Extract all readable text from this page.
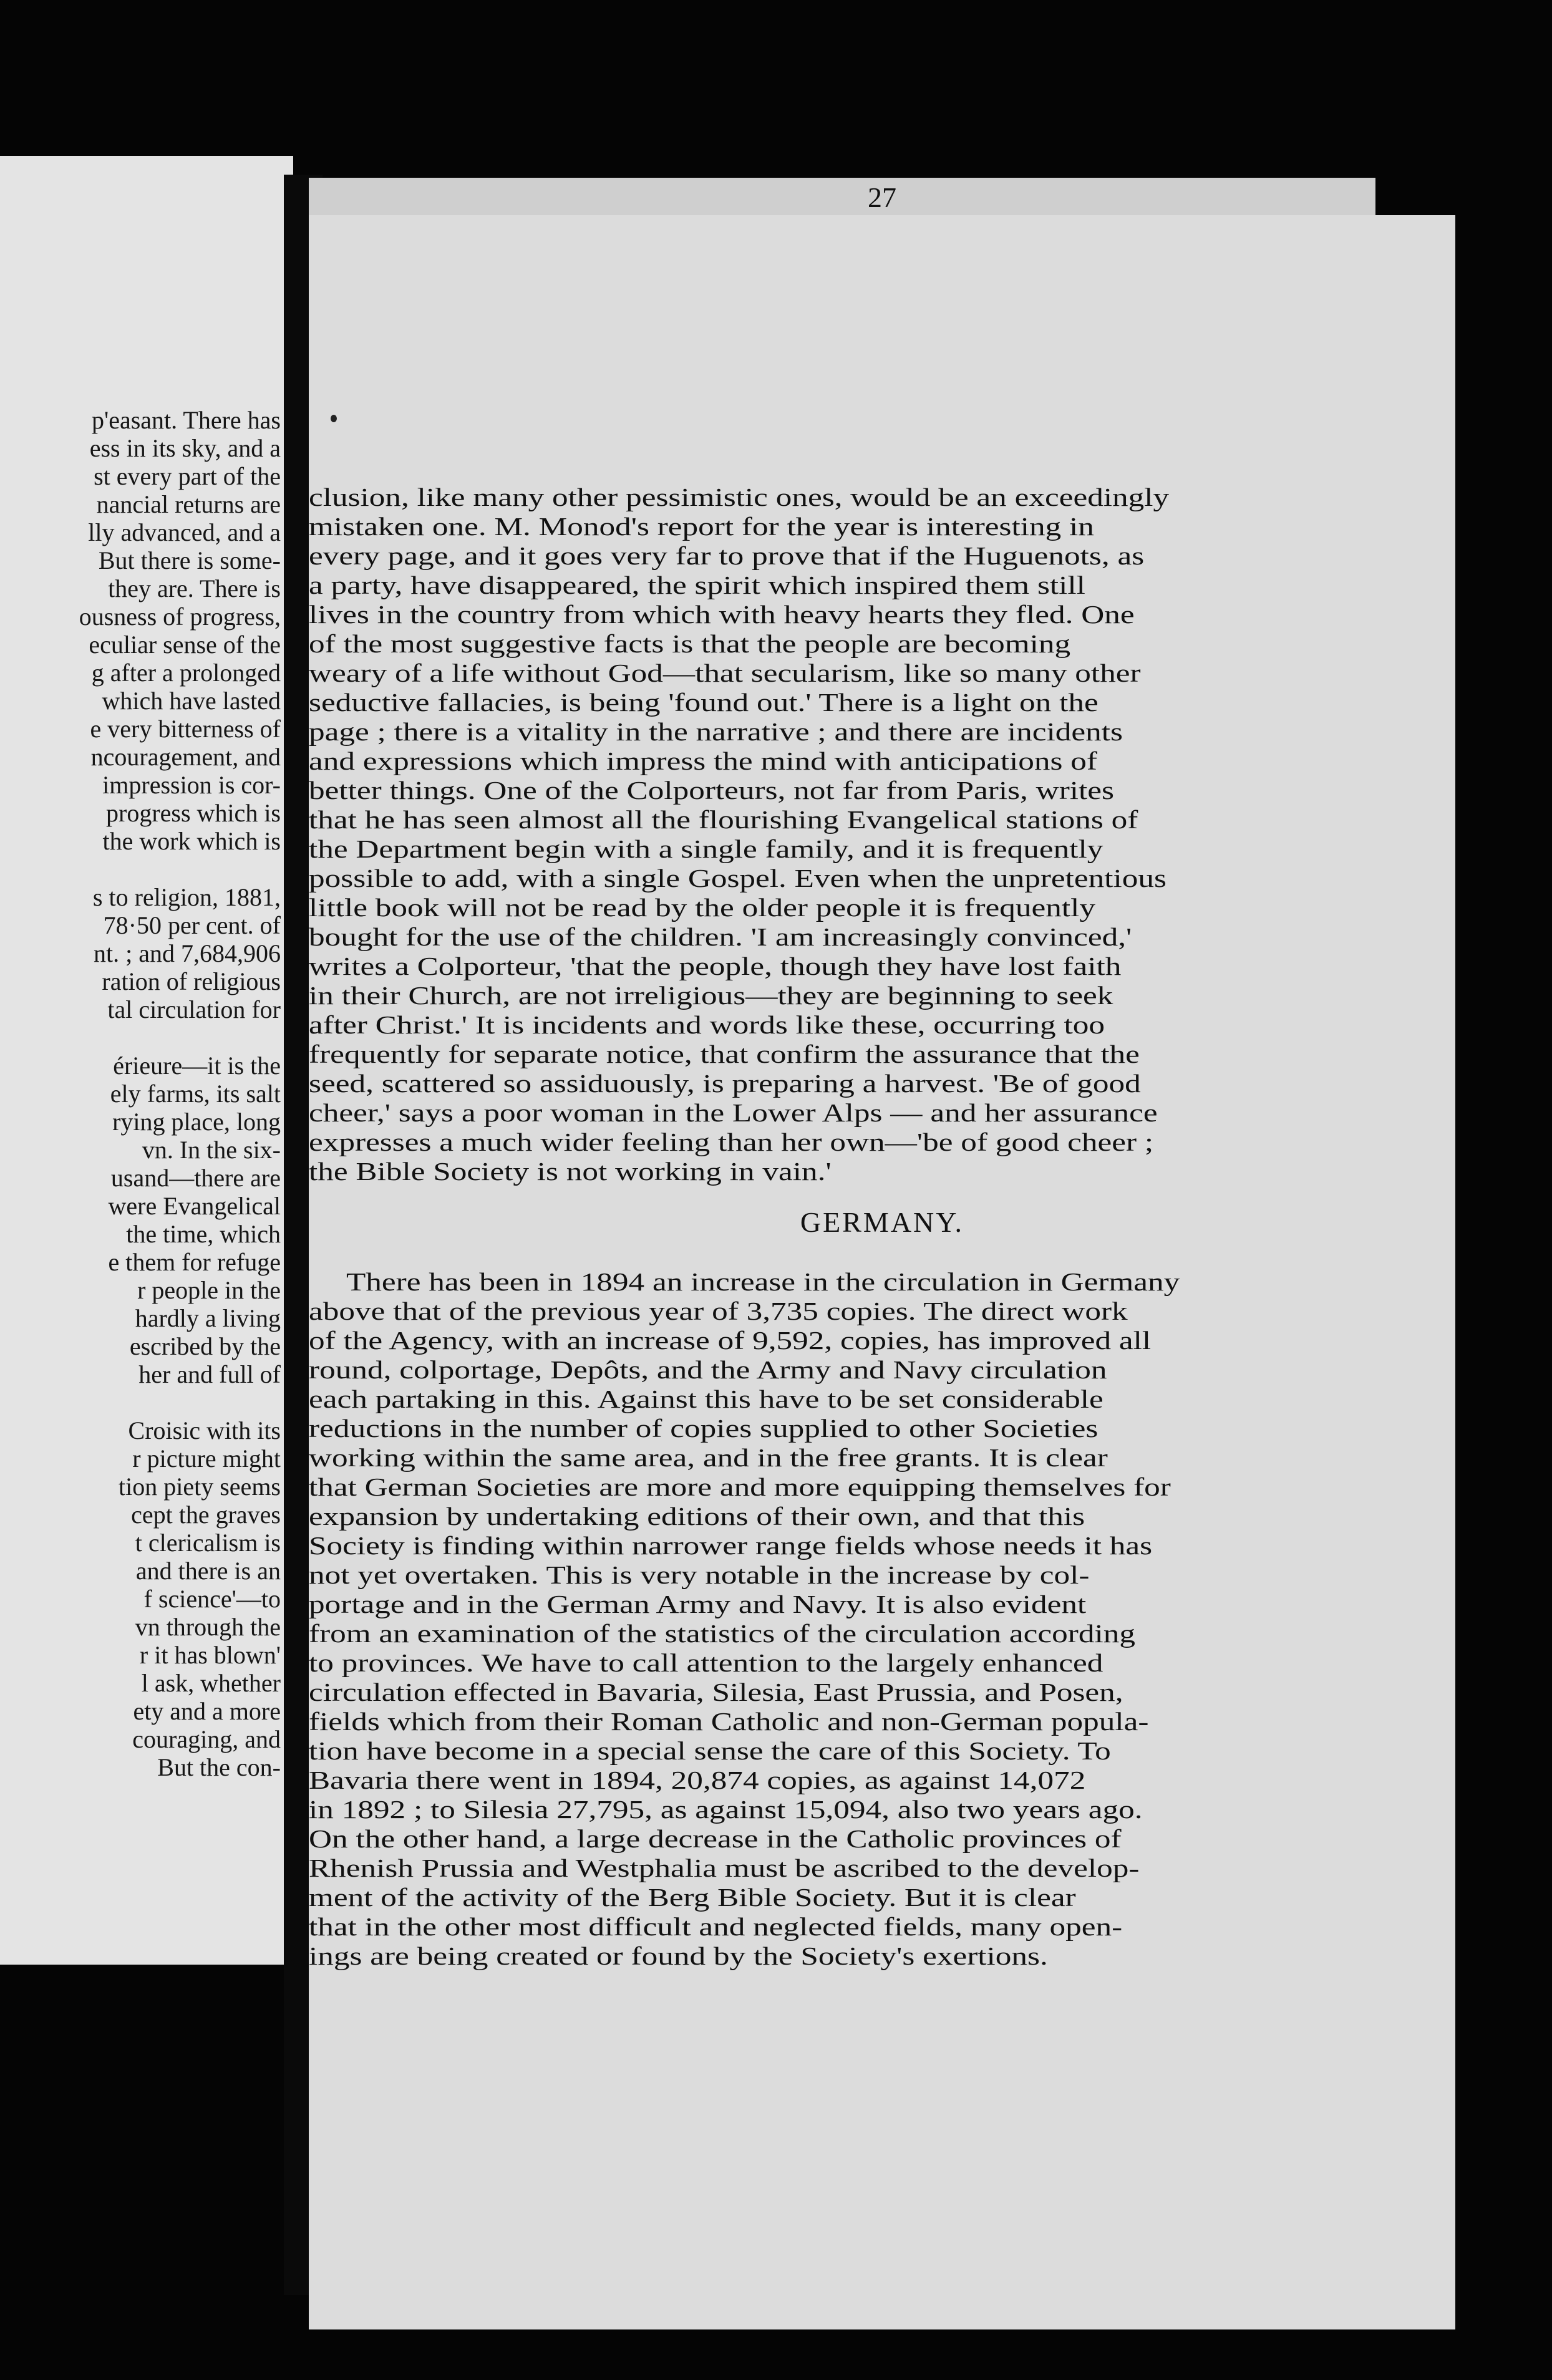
p'easant. There has
ess in its sky, and a
st every part of the
nancial returns are
lly advanced, and a
But there is some-
they are. There is
ousness of progress,
eculiar sense of the
g after a prolonged
which have lasted
e very bitterness of
ncouragement, and
impression is cor-
progress which is
the work which is
s to religion, 1881,
78·50 per cent. of
nt. ; and 7,684,906
ration of religious
tal circulation for
érieure—it is the
ely farms, its salt
rying place, long
vn. In the six-
usand—there are
were Evangelical
the time, which
e them for refuge
r people in the
hardly a living
escribed by the
her and full of
Croisic with its
r picture might
tion piety seems
cept the graves
t clericalism is
and there is an
f science'—to
vn through the
r it has blown'
l ask, whether
ety and a more
couraging, and
But the con-
27
clusion, like many other pessimistic ones, would be an exceedingly
mistaken one. M. Monod's report for the year is interesting in
every page, and it goes very far to prove that if the Huguenots, as
a party, have disappeared, the spirit which inspired them still
lives in the country from which with heavy hearts they fled. One
of the most suggestive facts is that the people are becoming
weary of a life without God—that secularism, like so many other
seductive fallacies, is being 'found out.' There is a light on the
page ; there is a vitality in the narrative ; and there are incidents
and expressions which impress the mind with anticipations of
better things. One of the Colporteurs, not far from Paris, writes
that he has seen almost all the flourishing Evangelical stations of
the Department begin with a single family, and it is frequently
possible to add, with a single Gospel. Even when the unpretentious
little book will not be read by the older people it is frequently
bought for the use of the children. 'I am increasingly convinced,'
writes a Colporteur, 'that the people, though they have lost faith
in their Church, are not irreligious—they are beginning to seek
after Christ.' It is incidents and words like these, occurring too
frequently for separate notice, that confirm the assurance that the
seed, scattered so assiduously, is preparing a harvest. 'Be of good
cheer,' says a poor woman in the Lower Alps — and her assurance
expresses a much wider feeling than her own—'be of good cheer ;
the Bible Society is not working in vain.'
GERMANY.
There has been in 1894 an increase in the circulation in Germany
above that of the previous year of 3,735 copies. The direct work
of the Agency, with an increase of 9,592, copies, has improved all
round, colportage, Depôts, and the Army and Navy circulation
each partaking in this. Against this have to be set considerable
reductions in the number of copies supplied to other Societies
working within the same area, and in the free grants. It is clear
that German Societies are more and more equipping themselves for
expansion by undertaking editions of their own, and that this
Society is finding within narrower range fields whose needs it has
not yet overtaken. This is very notable in the increase by col-
portage and in the German Army and Navy. It is also evident
from an examination of the statistics of the circulation according
to provinces. We have to call attention to the largely enhanced
circulation effected in Bavaria, Silesia, East Prussia, and Posen,
fields which from their Roman Catholic and non-German popula-
tion have become in a special sense the care of this Society. To
Bavaria there went in 1894, 20,874 copies, as against 14,072
in 1892 ; to Silesia 27,795, as against 15,094, also two years ago.
On the other hand, a large decrease in the Catholic provinces of
Rhenish Prussia and Westphalia must be ascribed to the develop-
ment of the activity of the Berg Bible Society. But it is clear
that in the other most difficult and neglected fields, many open-
ings are being created or found by the Society's exertions.
